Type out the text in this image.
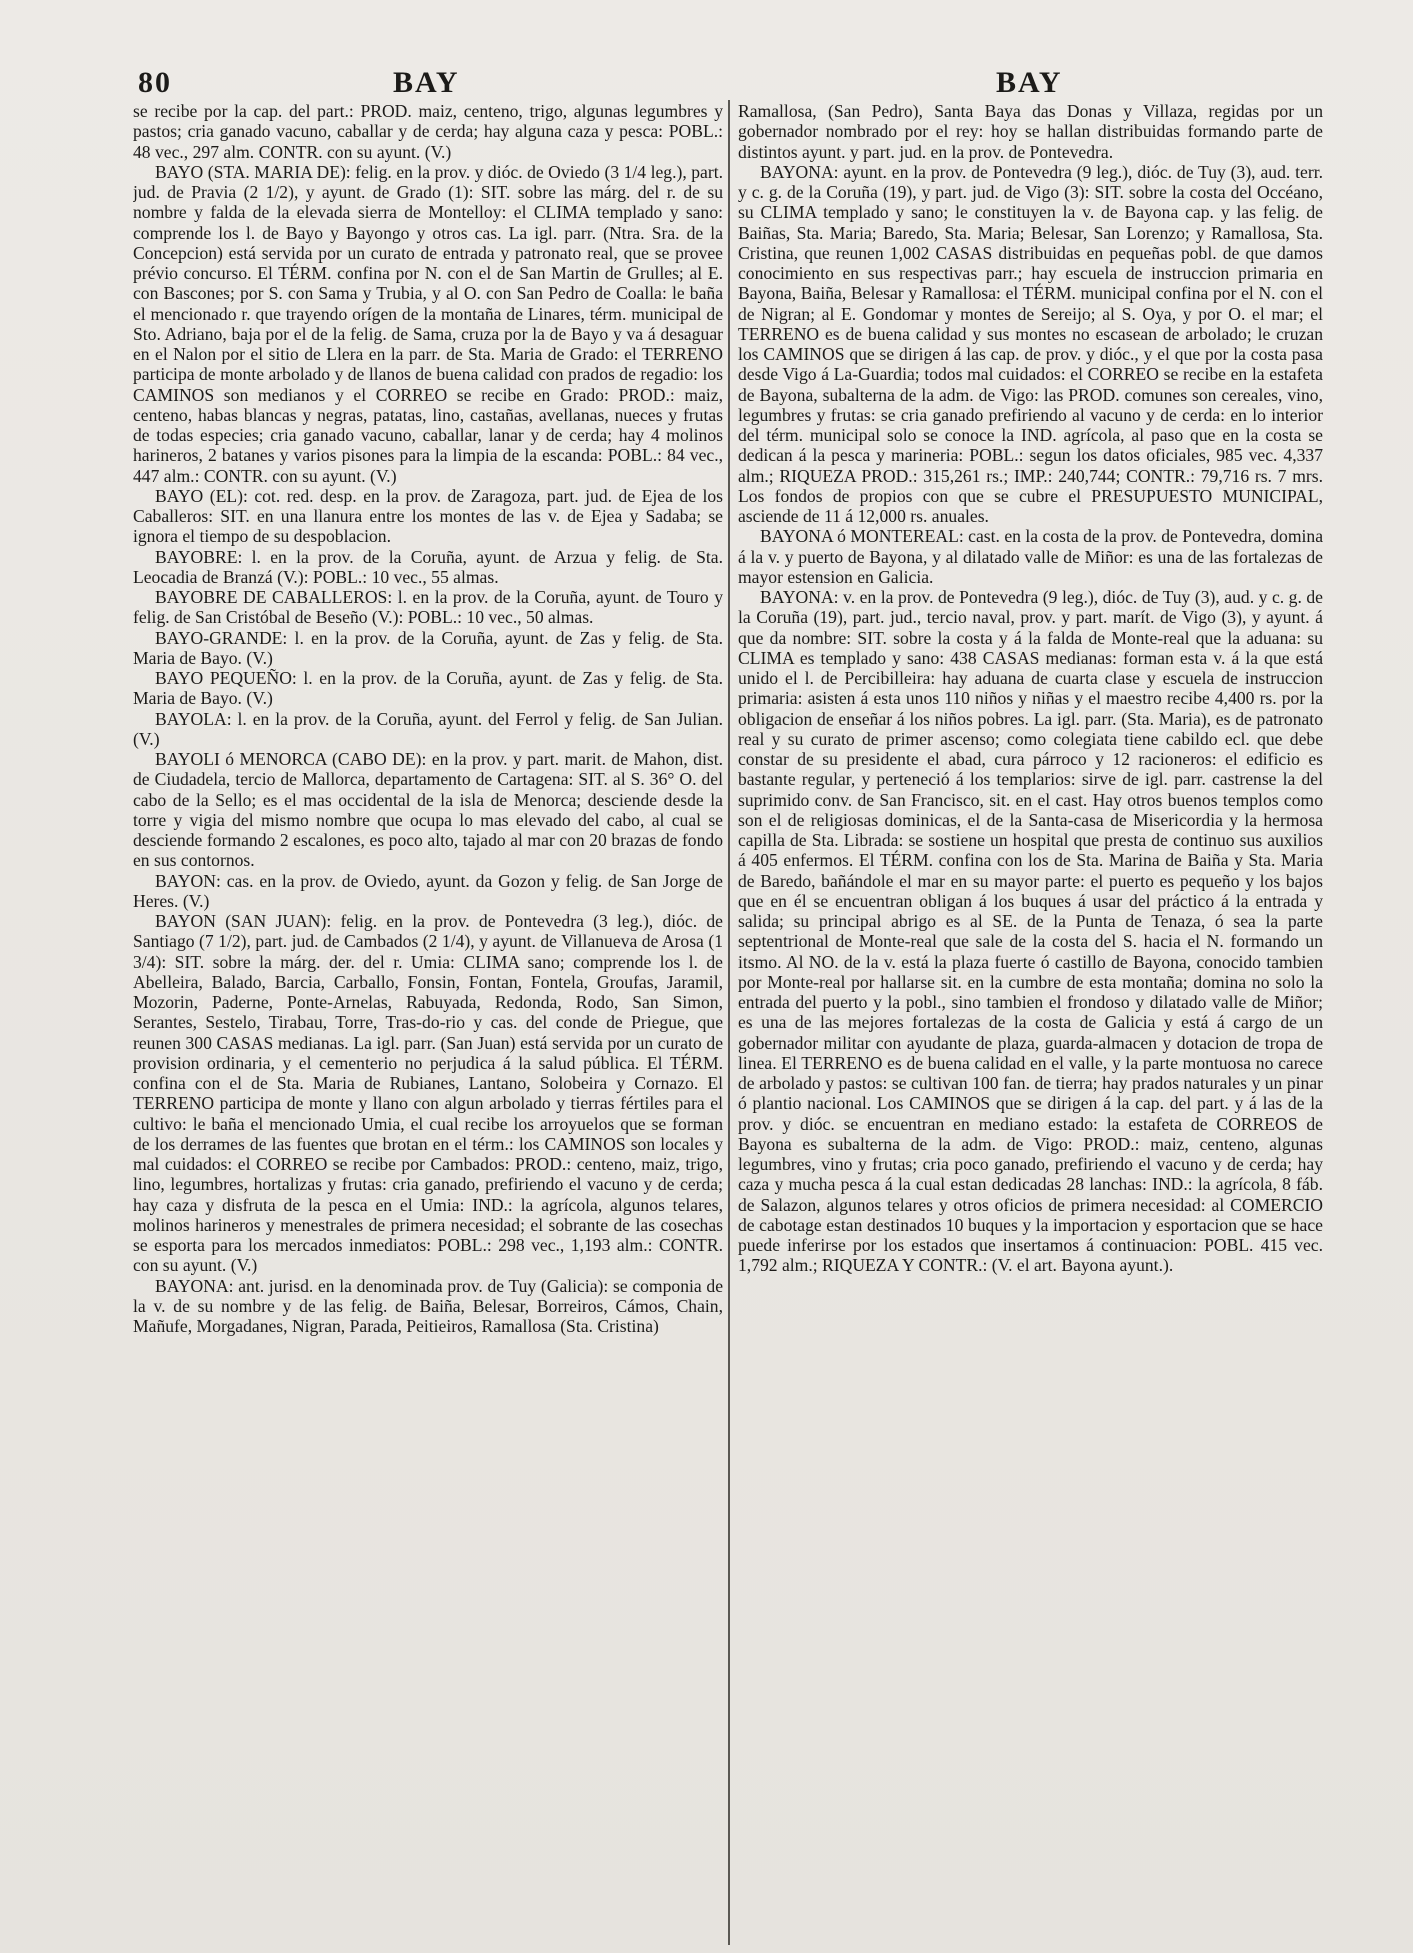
80	BAY	BAY

se recibe por la cap. del part.: PROD. maiz, centeno, trigo, algunas legumbres y pastos; cria ganado vacuno, caballar y de cerda; hay alguna caza y pesca: POBL.: 48 vec., 297 alm. CONTR. con su ayunt. (V.)

BAYO (STA. MARIA DE): felig. en la prov. y dióc. de Oviedo (3 1/4 leg.), part. jud. de Pravia (2 1/2), y ayunt. de Grado (1): SIT. sobre las márg. del r. de su nombre y falda de la elevada sierra de Montelloy: el CLIMA templado y sano: comprende los l. de Bayo y Bayongo y otros cas. La igl. parr. (Ntra. Sra. de la Concepcion) está servida por un curato de entrada y patronato real, que se provee prévio concurso. El TÉRM. confina por N. con el de San Martin de Grulles; al E. con Bascones; por S. con Sama y Trubia, y al O. con San Pedro de Coalla: le baña el mencionado r. que trayendo orígen de la montaña de Linares, térm. municipal de Sto. Adriano, baja por el de la felig. de Sama, cruza por la de Bayo y va á desaguar en el Nalon por el sitio de Llera en la parr. de Sta. Maria de Grado: el TERRENO participa de monte arbolado y de llanos de buena calidad con prados de regadio: los CAMINOS son medianos y el CORREO se recibe en Grado: PROD.: maiz, centeno, habas blancas y negras, patatas, lino, castañas, avellanas, nueces y frutas de todas especies; cria ganado vacuno, caballar, lanar y de cerda; hay 4 molinos harineros, 2 batanes y varios pisones para la limpia de la escanda: POBL.: 84 vec., 447 alm.: CONTR. con su ayunt. (V.)

BAYO (EL): cot. red. desp. en la prov. de Zaragoza, part. jud. de Ejea de los Caballeros: SIT. en una llanura entre los montes de las v. de Ejea y Sadaba; se ignora el tiempo de su despoblacion.

BAYOBRE: l. en la prov. de la Coruña, ayunt. de Arzua y felig. de Sta. Leocadia de Branzá (V.): POBL.: 10 vec., 55 almas.

BAYOBRE DE CABALLEROS: l. en la prov. de la Coruña, ayunt. de Touro y felig. de San Cristóbal de Beseño (V.): POBL.: 10 vec., 50 almas.

BAYO-GRANDE: l. en la prov. de la Coruña, ayunt. de Zas y felig. de Sta. Maria de Bayo. (V.)

BAYO PEQUEÑO: l. en la prov. de la Coruña, ayunt. de Zas y felig. de Sta. Maria de Bayo. (V.)

BAYOLA: l. en la prov. de la Coruña, ayunt. del Ferrol y felig. de San Julian. (V.)

BAYOLI ó MENORCA (CABO DE): en la prov. y part. marit. de Mahon, dist. de Ciudadela, tercio de Mallorca, departamento de Cartagena: SIT. al S. 36° O. del cabo de la Sello; es el mas occidental de la isla de Menorca; desciende desde la torre y vigia del mismo nombre que ocupa lo mas elevado del cabo, al cual se desciende formando 2 escalones, es poco alto, tajado al mar con 20 brazas de fondo en sus contornos.

BAYON: cas. en la prov. de Oviedo, ayunt. da Gozon y felig. de San Jorge de Heres. (V.)

BAYON (SAN JUAN): felig. en la prov. de Pontevedra (3 leg.), dióc. de Santiago (7 1/2), part. jud. de Cambados (2 1/4), y ayunt. de Villanueva de Arosa (1 3/4): SIT. sobre la márg. der. del r. Umia: CLIMA sano; comprende los l. de Abelleira, Balado, Barcia, Carballo, Fonsin, Fontan, Fontela, Groufas, Jaramil, Mozorin, Paderne, Ponte-Arnelas, Rabuyada, Redonda, Rodo, San Simon, Serantes, Sestelo, Tirabau, Torre, Tras-do-rio y cas. del conde de Priegue, que reunen 300 CASAS medianas. La igl. parr. (San Juan) está servida por un curato de provision ordinaria, y el cementerio no perjudica á la salud pública. El TÉRM. confina con el de Sta. Maria de Rubianes, Lantano, Solobeira y Cornazo. El TERRENO participa de monte y llano con algun arbolado y tierras fértiles para el cultivo: le baña el mencionado Umia, el cual recibe los arroyuelos que se forman de los derrames de las fuentes que brotan en el térm.: los CAMINOS son locales y mal cuidados: el CORREO se recibe por Cambados: PROD.: centeno, maiz, trigo, lino, legumbres, hortalizas y frutas: cria ganado, prefiriendo el vacuno y de cerda; hay caza y disfruta de la pesca en el Umia: IND.: la agrícola, algunos telares, molinos harineros y menestrales de primera necesidad; el sobrante de las cosechas se esporta para los mercados inmediatos: POBL.: 298 vec., 1,193 alm.: CONTR. con su ayunt. (V.)

BAYONA: ant. jurisd. en la denominada prov. de Tuy (Galicia): se componia de la v. de su nombre y de las felig. de Baiña, Belesar, Borreiros, Cámos, Chain, Mañufe, Morgadanes, Nigran, Parada, Peitieiros, Ramallosa (Sta. Cristina)

Ramallosa, (San Pedro), Santa Baya das Donas y Villaza, regidas por un gobernador nombrado por el rey: hoy se hallan distribuidas formando parte de distintos ayunt. y part. jud. en la prov. de Pontevedra.

BAYONA: ayunt. en la prov. de Pontevedra (9 leg.), dióc. de Tuy (3), aud. terr. y c. g. de la Coruña (19), y part. jud. de Vigo (3): SIT. sobre la costa del Occéano, su CLIMA templado y sano; le constituyen la v. de Bayona cap. y las felig. de Baiñas, Sta. Maria; Baredo, Sta. Maria; Belesar, San Lorenzo; y Ramallosa, Sta. Cristina, que reunen 1,002 CASAS distribuidas en pequeñas pobl. de que damos conocimiento en sus respectivas parr.; hay escuela de instruccion primaria en Bayona, Baiña, Belesar y Ramallosa: el TÉRM. municipal confina por el N. con el de Nigran; al E. Gondomar y montes de Sereijo; al S. Oya, y por O. el mar; el TERRENO es de buena calidad y sus montes no escasean de arbolado; le cruzan los CAMINOS que se dirigen á las cap. de prov. y dióc., y el que por la costa pasa desde Vigo á La-Guardia; todos mal cuidados: el CORREO se recibe en la estafeta de Bayona, subalterna de la adm. de Vigo: las PROD. comunes son cereales, vino, legumbres y frutas: se cria ganado prefiriendo al vacuno y de cerda: en lo interior del térm. municipal solo se conoce la IND. agrícola, al paso que en la costa se dedican á la pesca y marineria: POBL.: segun los datos oficiales, 985 vec. 4,337 alm.; RIQUEZA PROD.: 315,261 rs.; IMP.: 240,744; CONTR.: 79,716 rs. 7 mrs. Los fondos de propios con que se cubre el PRESUPUESTO MUNICIPAL, asciende de 11 á 12,000 rs. anuales.

BAYONA ó MONTEREAL: cast. en la costa de la prov. de Pontevedra, domina á la v. y puerto de Bayona, y al dilatado valle de Miñor: es una de las fortalezas de mayor estension en Galicia.

BAYONA: v. en la prov. de Pontevedra (9 leg.), dióc. de Tuy (3), aud. y c. g. de la Coruña (19), part. jud., tercio naval, prov. y part. marít. de Vigo (3), y ayunt. á que da nombre: SIT. sobre la costa y á la falda de Monte-real que la aduana: su CLIMA es templado y sano: 438 CASAS medianas: forman esta v. á la que está unido el l. de Percibilleira: hay aduana de cuarta clase y escuela de instruccion primaria: asisten á esta unos 110 niños y niñas y el maestro recibe 4,400 rs. por la obligacion de enseñar á los niños pobres. La igl. parr. (Sta. Maria), es de patronato real y su curato de primer ascenso; como colegiata tiene cabildo ecl. que debe constar de su presidente el abad, cura párroco y 12 racioneros: el edificio es bastante regular, y perteneció á los templarios: sirve de igl. parr. castrense la del suprimido conv. de San Francisco, sit. en el cast. Hay otros buenos templos como son el de religiosas dominicas, el de la Santa-casa de Misericordia y la hermosa capilla de Sta. Librada: se sostiene un hospital que presta de continuo sus auxilios á 405 enfermos. El TÉRM. confina con los de Sta. Marina de Baiña y Sta. Maria de Baredo, bañándole el mar en su mayor parte: el puerto es pequeño y los bajos que en él se encuentran obligan á los buques á usar del práctico á la entrada y salida; su principal abrigo es al SE. de la Punta de Tenaza, ó sea la parte septentrional de Monte-real que sale de la costa del S. hacia el N. formando un itsmo. Al NO. de la v. está la plaza fuerte ó castillo de Bayona, conocido tambien por Monte-real por hallarse sit. en la cumbre de esta montaña; domina no solo la entrada del puerto y la pobl., sino tambien el frondoso y dilatado valle de Miñor; es una de las mejores fortalezas de la costa de Galicia y está á cargo de un gobernador militar con ayudante de plaza, guarda-almacen y dotacion de tropa de linea. El TERRENO es de buena calidad en el valle, y la parte montuosa no carece de arbolado y pastos: se cultivan 100 fan. de tierra; hay prados naturales y un pinar ó plantio nacional. Los CAMINOS que se dirigen á la cap. del part. y á las de la prov. y dióc. se encuentran en mediano estado: la estafeta de CORREOS de Bayona es subalterna de la adm. de Vigo: PROD.: maiz, centeno, algunas legumbres, vino y frutas; cria poco ganado, prefiriendo el vacuno y de cerda; hay caza y mucha pesca á la cual estan dedicadas 28 lanchas: IND.: la agrícola, 8 fáb. de Salazon, algunos telares y otros oficios de primera necesidad: al COMERCIO de cabotage estan destinados 10 buques y la importacion y esportacion que se hace puede inferirse por los estados que insertamos á continuacion: POBL. 415 vec. 1,792 alm.; RIQUEZA Y CONTR.: (V. el art. Bayona ayunt.).
